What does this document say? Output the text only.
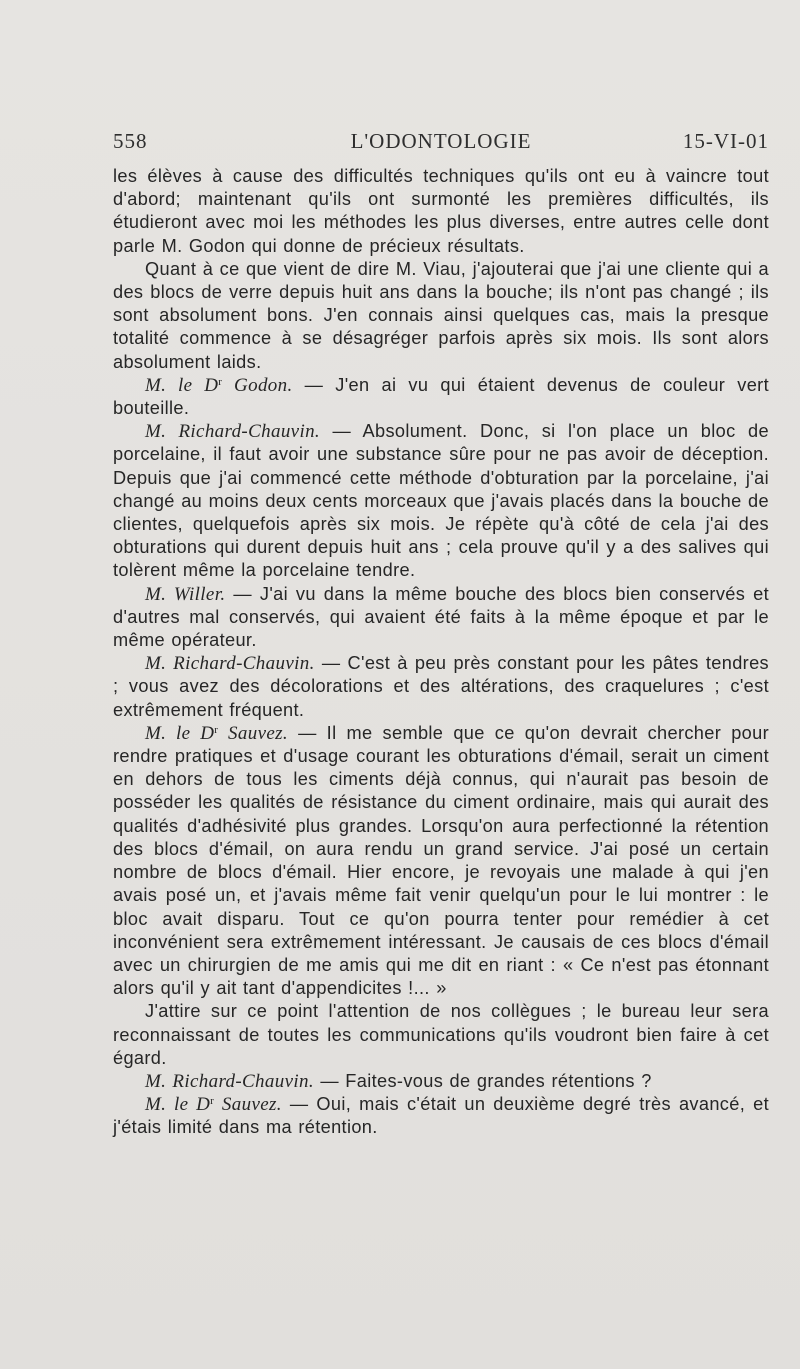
558	L'ODONTOLOGIE	15-VI-01

les élèves à cause des difficultés techniques qu'ils ont eu à vaincre tout d'abord; maintenant qu'ils ont surmonté les premières difficultés, ils étudieront avec moi les méthodes les plus diverses, entre autres celle dont parle M. Godon qui donne de précieux résultats.

Quant à ce que vient de dire M. Viau, j'ajouterai que j'ai une cliente qui a des blocs de verre depuis huit ans dans la bouche; ils n'ont pas changé ; ils sont absolument bons. J'en connais ainsi quelques cas, mais la presque totalité commence à se désagréger parfois après six mois. Ils sont alors absolument laids.

M. le $D^r$ Godon. — J'en ai vu qui étaient devenus de couleur vert bouteille.

M. Richard-Chauvin. — Absolument. Donc, si l'on place un bloc de porcelaine, il faut avoir une substance sûre pour ne pas avoir de déception. Depuis que j'ai commencé cette méthode d'obturation par la porcelaine, j'ai changé au moins deux cents morceaux que j'avais placés dans la bouche de clientes, quelquefois après six mois. Je répète qu'à côté de cela j'ai des obturations qui durent depuis huit ans ; cela prouve qu'il y a des salives qui tolèrent même la porcelaine tendre.

M. Willer. — J'ai vu dans la même bouche des blocs bien conservés et d'autres mal conservés, qui avaient été faits à la même époque et par le même opérateur.

M. Richard-Chauvin. — C'est à peu près constant pour les pâtes tendres ; vous avez des décolorations et des altérations, des craquelures ; c'est extrêmement fréquent.

M. le $D^r$ Sauvez. — Il me semble que ce qu'on devrait chercher pour rendre pratiques et d'usage courant les obturations d'émail, serait un ciment en dehors de tous les ciments déjà connus, qui n'aurait pas besoin de posséder les qualités de résistance du ciment ordinaire, mais qui aurait des qualités d'adhésivité plus grandes. Lorsqu'on aura perfectionné la rétention des blocs d'émail, on aura rendu un grand service. J'ai posé un certain nombre de blocs d'émail. Hier encore, je revoyais une malade à qui j'en avais posé un, et j'avais même fait venir quelqu'un pour le lui montrer : le bloc avait disparu. Tout ce qu'on pourra tenter pour remédier à cet inconvénient sera extrêmement intéressant. Je causais de ces blocs d'émail avec un chirurgien de me amis qui me dit en riant : « Ce n'est pas étonnant alors qu'il y ait tant d'appendicites !... »

J'attire sur ce point l'attention de nos collègues ; le bureau leur sera reconnaissant de toutes les communications qu'ils voudront bien faire à cet égard.

M. Richard-Chauvin. — Faites-vous de grandes rétentions ?

M. le $D^r$ Sauvez. — Oui, mais c'était un deuxième degré très avancé, et j'étais limité dans ma rétention.
